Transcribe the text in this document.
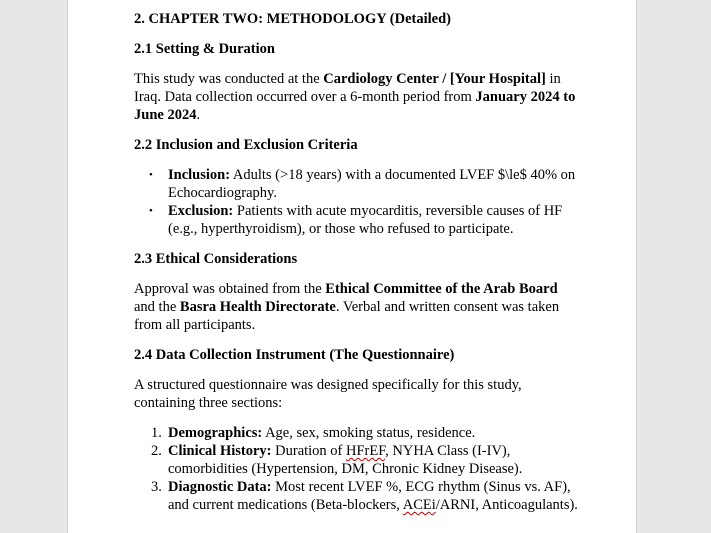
2. CHAPTER TWO: METHODOLOGY (Detailed)
2.1 Setting & Duration

This study was conducted at the Cardiology Center / [Your Hospital] in Iraq. Data collection occurred over a 6-month period from January 2024 to June 2024.

2.2 Inclusion and Exclusion Criteria
• Inclusion: Adults (>18 years) with a documented LVEF $\le$ 40% on Echocardiography.
• Exclusion: Patients with acute myocarditis, reversible causes of HF (e.g., hyperthyroidism), or those who refused to participate.
2.3 Ethical Considerations

Approval was obtained from the Ethical Committee of the Arab Board and the Basra Health Directorate. Verbal and written consent was taken from all participants.

2.4 Data Collection Instrument (The Questionnaire)

A structured questionnaire was designed specifically for this study, containing three sections:

1. Demographics: Age, sex, smoking status, residence.
2. Clinical History: Duration of HFrEF, NYHA Class (I-IV), comorbidities (Hypertension, DM, Chronic Kidney Disease).
3. Diagnostic Data: Most recent LVEF %, ECG rhythm (Sinus vs. AF), and current medications (Beta-blockers, ACEi/ARNI, Anticoagulants).
